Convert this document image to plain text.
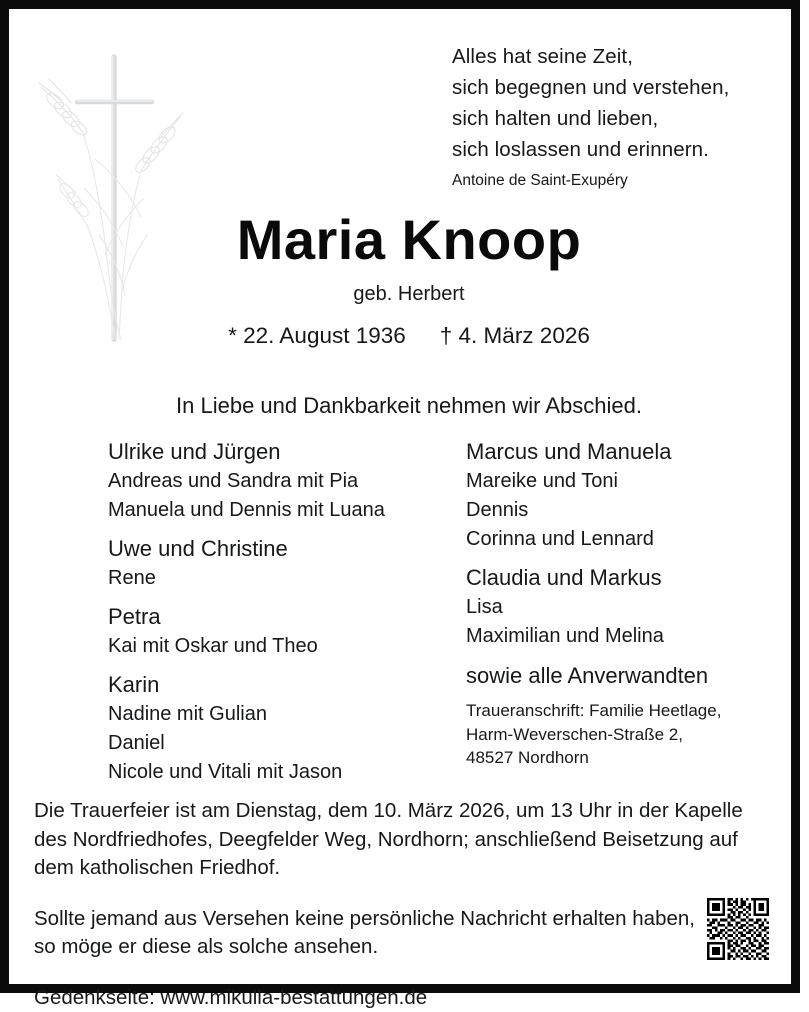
Alles hat seine Zeit,
sich begegnen und verstehen,
sich halten und lieben,
sich loslassen und erinnern.
Antoine de Saint-Exupéry
Maria Knoop
geb. Herbert
* 22. August 1936 † 4. März 2026
In Liebe und Dankbarkeit nehmen wir Abschied.
Ulrike und Jürgen
Andreas und Sandra mit Pia
Manuela und Dennis mit Luana
Uwe und Christine
Rene
Petra
Kai mit Oskar und Theo
Karin
Nadine mit Gulian
Daniel
Nicole und Vitali mit Jason
Marcus und Manuela
Mareike und Toni
Dennis
Corinna und Lennard
Claudia und Markus
Lisa
Maximilian und Melina
sowie alle Anverwandten
Traueranschrift: Familie Heetlage,
Harm-Weverschen-Straße 2,
48527 Nordhorn
Die Trauerfeier ist am Dienstag, dem 10. März 2026, um 13 Uhr in der Kapelle
des Nordfriedhofes, Deegfelder Weg, Nordhorn; anschließend Beisetzung auf
dem katholischen Friedhof.
Sollte jemand aus Versehen keine persönliche Nachricht erhalten haben,
so möge er diese als solche ansehen.
Gedenkseite: www.mikulla-bestattungen.de
